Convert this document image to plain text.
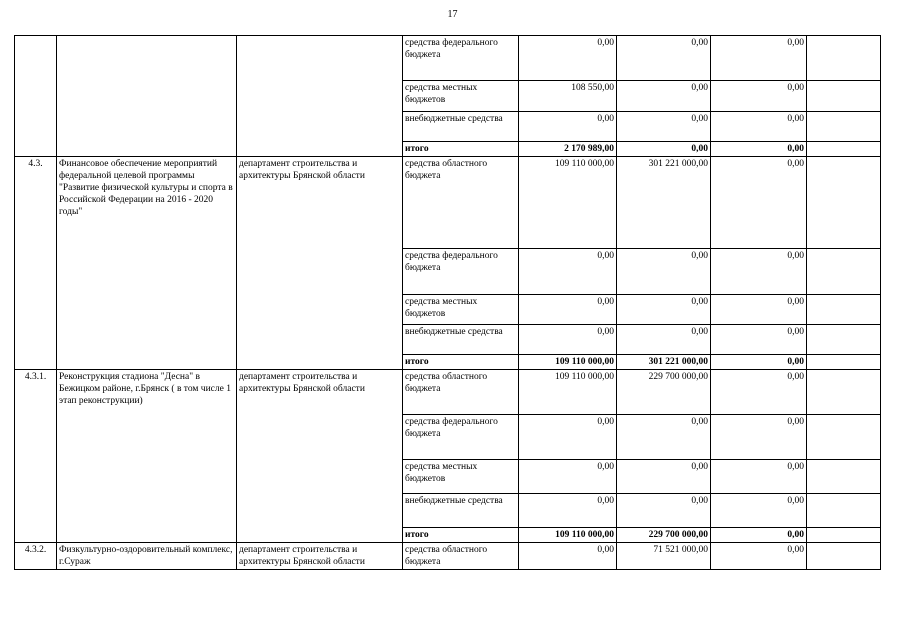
17
			средства федерального бюджета	0,00	0,00	0,00	
			средства местных бюджетов	108 550,00	0,00	0,00	
			внебюджетные средства	0,00	0,00	0,00	
			итого	2 170 989,00	0,00	0,00	
4.3.	Финансовое обеспечение мероприятий федеральной целевой программы "Развитие физической культуры и спорта в Российской Федерации на 2016 - 2020 годы"	департамент строительства и архитектуры Брянской области	средства областного бюджета	109 110 000,00	301 221 000,00	0,00	
			средства федерального бюджета	0,00	0,00	0,00	
			средства местных бюджетов	0,00	0,00	0,00	
			внебюджетные средства	0,00	0,00	0,00	
			итого	109 110 000,00	301 221 000,00	0,00	
4.3.1.	Реконструкция стадиона "Десна" в Бежицком районе, г.Брянск ( в том числе 1 этап реконструкции)	департамент строительства и архитектуры Брянской области	средства областного бюджета	109 110 000,00	229 700 000,00	0,00	
			средства федерального бюджета	0,00	0,00	0,00	
			средства местных бюджетов	0,00	0,00	0,00	
			внебюджетные средства	0,00	0,00	0,00	
			итого	109 110 000,00	229 700 000,00	0,00	
4.3.2.	Физкультурно-оздоровительный комплекс, г.Сураж	департамент строительства и архитектуры Брянской области	средства областного бюджета	0,00	71 521 000,00	0,00	
